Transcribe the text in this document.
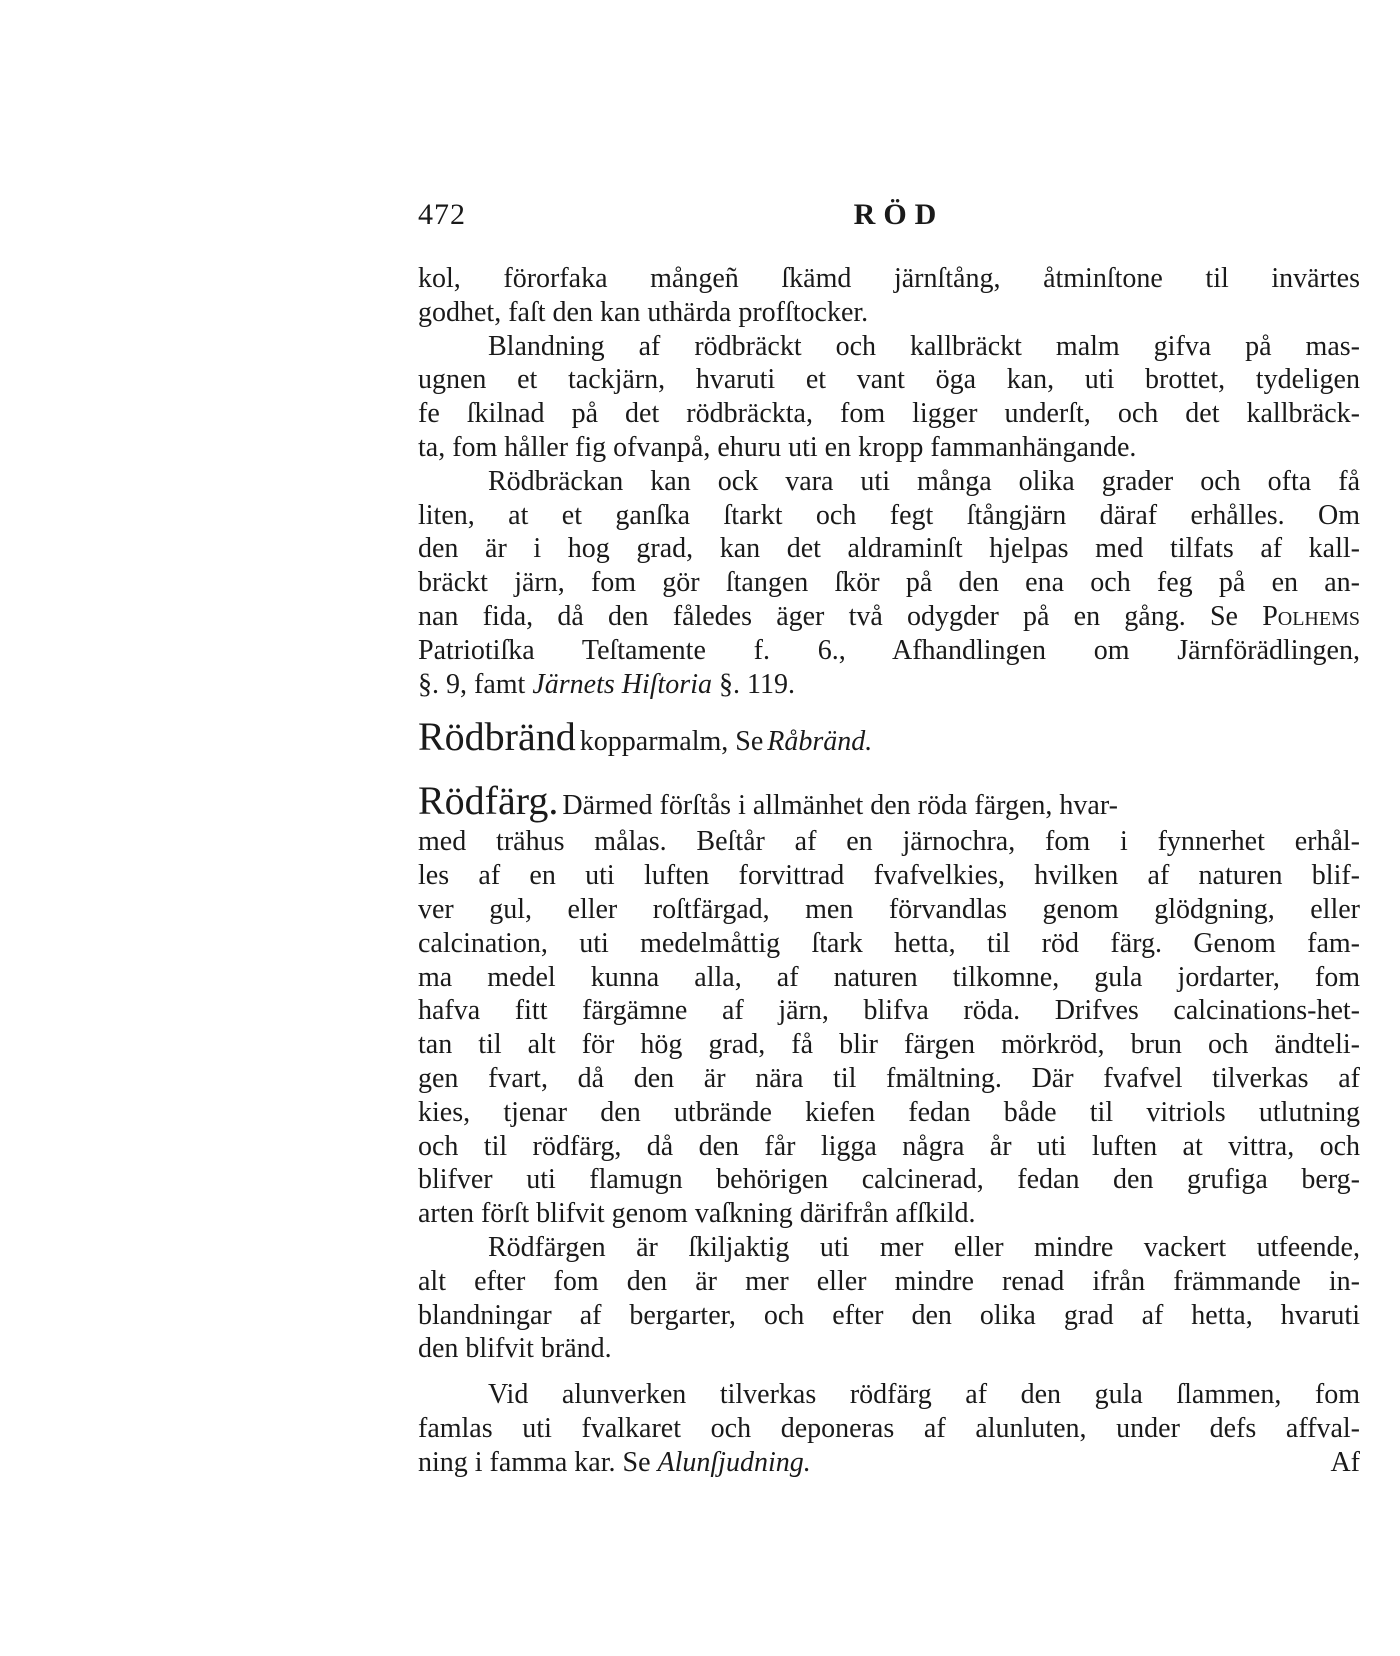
472	RÖD
kol, förorfaka mångeñ ſkämd järnſtång, åtminſtone til invärtes
godhet, faſt den kan uthärda profſtocker.
Blandning af rödbräckt och kallbräckt malm gifva på mas-
ugnen et tackjärn, hvaruti et vant öga kan, uti brottet, tydeligen
fe ſkilnad på det rödbräckta, fom ligger underſt, och det kallbräck-
ta, fom håller fig ofvanpå, ehuru uti en kropp fammanhängande.
Rödbräckan kan ock vara uti många olika grader och ofta få
liten, at et ganſka ſtarkt och fegt ſtångjärn däraf erhålles. Om
den är i hog grad, kan det aldraminſt hjelpas med tilfats af kall-
bräckt järn, fom gör ſtangen ſkör på den ena och feg på en an-
nan fida, då den fåledes äger två odygder på en gång. Se Polhems
Patriotiſka Teſtamente f. 6., Afhandlingen om Järnförädlingen,
§. 9, famt Järnets Hiſtoria §. 119.
Rödbränd kopparmalm, Se Råbränd.
Rödfärg. Därmed förſtås i allmänhet den röda färgen, hvar-
med trähus målas. Beſtår af en järnochra, fom i fynnerhet erhål-
les af en uti luften forvittrad fvafvelkies, hvilken af naturen blif-
ver gul, eller roſtfärgad, men förvandlas genom glödgning, eller
calcination, uti medelmåttig ſtark hetta, til röd färg. Genom fam-
ma medel kunna alla, af naturen tilkomne, gula jordarter, fom
hafva fitt färgämne af järn, blifva röda. Drifves calcinations-het-
tan til alt för hög grad, få blir färgen mörkröd, brun och ändteli-
gen fvart, då den är nära til fmältning. Där fvafvel tilverkas af
kies, tjenar den utbrände kiefen fedan både til vitriols utlutning
och til rödfärg, då den får ligga några år uti luften at vittra, och
blifver uti flamugn behörigen calcinerad, fedan den grufiga berg-
arten förſt blifvit genom vaſkning därifrån afſkild.
Rödfärgen är ſkiljaktig uti mer eller mindre vackert utfeende,
alt efter fom den är mer eller mindre renad ifrån främmande in-
blandningar af bergarter, och efter den olika grad af hetta, hvaruti
den blifvit bränd.
Vid alunverken tilverkas rödfärg af den gula ſlammen, fom
famlas uti fvalkaret och deponeras af alunluten, under defs affval-
ning i famma kar. Se Alunſjudning.	Af
